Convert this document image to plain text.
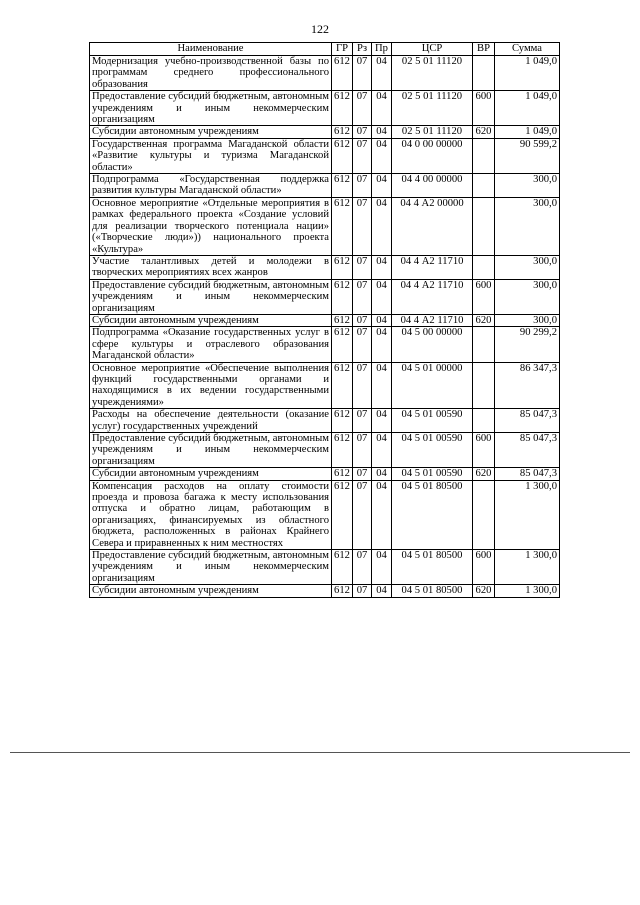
122
Наименование	ГР	Рз	Пр	ЦСР	ВР	Сумма
Модернизация учебно-производственной базы по программам среднего профессионального образования	612	07	04	02 5 01 11120		1 049,0
Предоставление субсидий бюджетным, автономным учреждениям и иным некоммерческим организациям	612	07	04	02 5 01 11120	600	1 049,0
Субсидии автономным учреждениям	612	07	04	02 5 01 11120	620	1 049,0
Государственная программа Магаданской области «Развитие культуры и туризма Магаданской области»	612	07	04	04 0 00 00000		90 599,2
Подпрограмма «Государственная поддержка развития культуры Магаданской области»	612	07	04	04 4 00 00000		300,0
Основное мероприятие «Отдельные мероприятия в рамках федерального проекта «Создание условий для реализации творческого потенциала нации» («Творческие люди»)) национального проекта «Культура»	612	07	04	04 4 А2 00000		300,0
Участие талантливых детей и молодежи в творческих мероприятиях всех жанров	612	07	04	04 4 А2 11710		300,0
Предоставление субсидий бюджетным, автономным учреждениям и иным некоммерческим организациям	612	07	04	04 4 А2 11710	600	300,0
Субсидии автономным учреждениям	612	07	04	04 4 А2 11710	620	300,0
Подпрограмма «Оказание государственных услуг в сфере культуры и отраслевого образования Магаданской области»	612	07	04	04 5 00 00000		90 299,2
Основное мероприятие «Обеспечение выполнения функций государственными органами и находящимися в их ведении государственными учреждениями»	612	07	04	04 5 01 00000		86 347,3
Расходы на обеспечение деятельности (оказание услуг) государственных учреждений	612	07	04	04 5 01 00590		85 047,3
Предоставление субсидий бюджетным, автономным учреждениям и иным некоммерческим организациям	612	07	04	04 5 01 00590	600	85 047,3
Субсидии автономным учреждениям	612	07	04	04 5 01 00590	620	85 047,3
Компенсация расходов на оплату стоимости проезда и провоза багажа к месту использования отпуска и обратно лицам, работающим в организациях, финансируемых из областного бюджета, расположенных в районах Крайнего Севера и приравненных к ним местностях	612	07	04	04 5 01 80500		1 300,0
Предоставление субсидий бюджетным, автономным учреждениям и иным некоммерческим организациям	612	07	04	04 5 01 80500	600	1 300,0
Субсидии автономным учреждениям	612	07	04	04 5 01 80500	620	1 300,0
